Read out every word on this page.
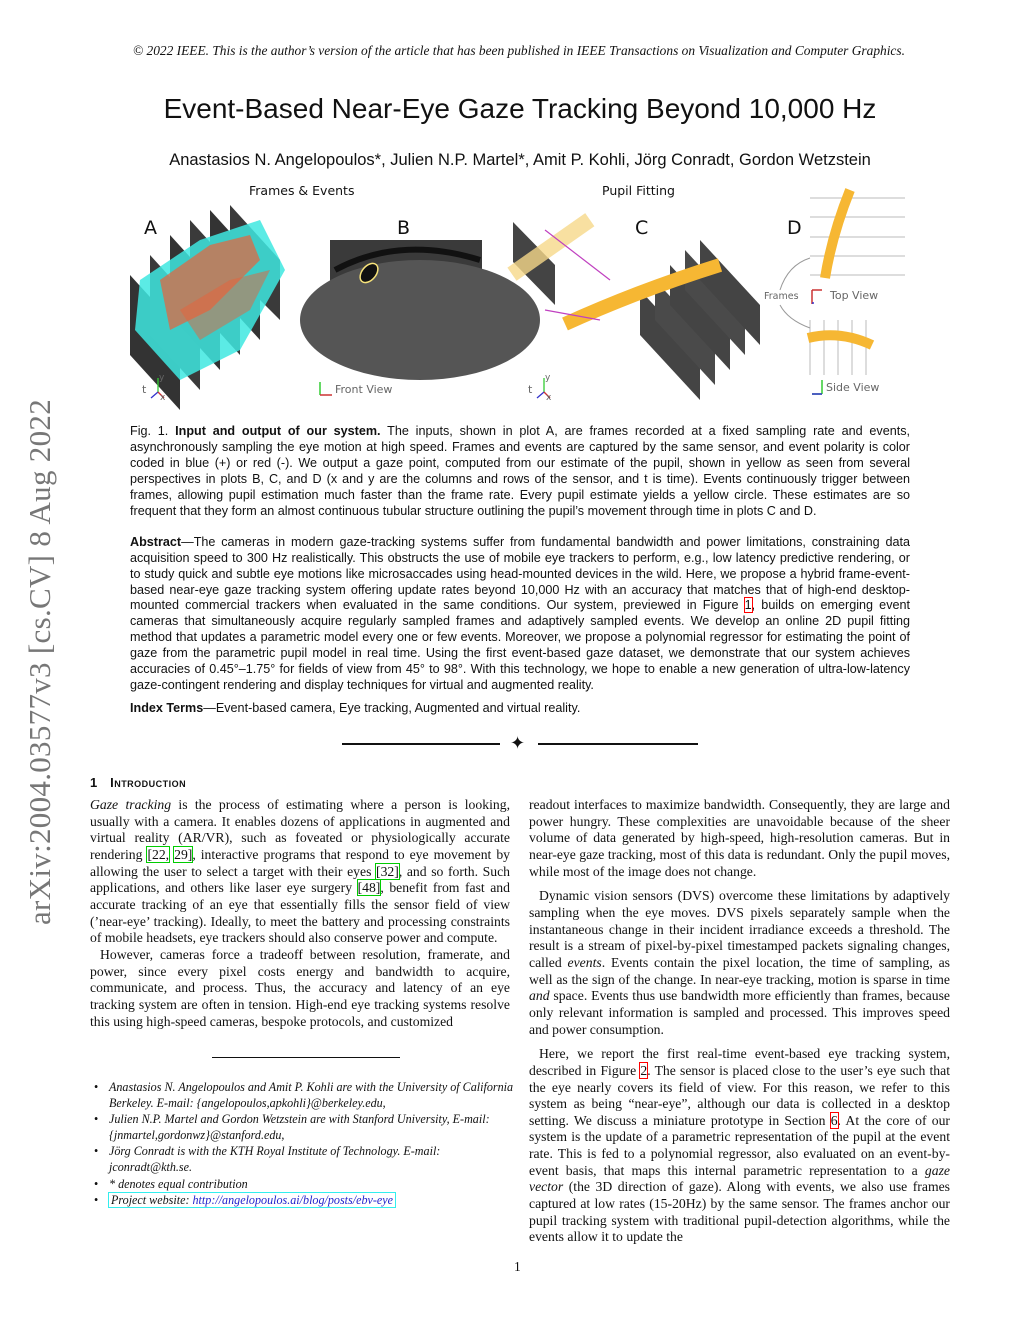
© 2022 IEEE. This is the author’s version of the article that has been published in IEEE Transactions on Visualization and Computer Graphics.
Event-Based Near-Eye Gaze Tracking Beyond 10,000 Hz
Anastasios N. Angelopoulos*, Julien N.P. Martel*, Amit P. Kohli, Jörg Conradt, Gordon Wetzstein
arXiv:2004.03577v3 [cs.CV] 8 Aug 2022
Frames & Events	Pupil Fitting
A	B	C	D
t
y
x
t
y
x
Front View
Frames	Top View
Side View
Fig. 1. Input and output of our system. The inputs, shown in plot A, are frames recorded at a fixed sampling rate and events, asynchronously sampling the eye motion at high speed. Frames and events are captured by the same sensor, and event polarity is color coded in blue (+) or red (-). We output a gaze point, computed from our estimate of the pupil, shown in yellow as seen from several perspectives in plots B, C, and D (x and y are the columns and rows of the sensor, and t is time). Events continuously trigger between frames, allowing pupil estimation much faster than the frame rate. Every pupil estimate yields a yellow circle. These estimates are so frequent that they form an almost continuous tubular structure outlining the pupil’s movement through time in plots C and D.
Abstract—The cameras in modern gaze-tracking systems suffer from fundamental bandwidth and power limitations, constraining data acquisition speed to 300 Hz realistically. This obstructs the use of mobile eye trackers to perform, e.g., low latency predictive rendering, or to study quick and subtle eye motions like microsaccades using head-mounted devices in the wild. Here, we propose a hybrid frame-event-based near-eye gaze tracking system offering update rates beyond 10,000 Hz with an accuracy that matches that of high-end desktop-mounted commercial trackers when evaluated in the same conditions. Our system, previewed in Figure 1, builds on emerging event cameras that simultaneously acquire regularly sampled frames and adaptively sampled events. We develop an online 2D pupil fitting method that updates a parametric model every one or few events. Moreover, we propose a polynomial regressor for estimating the point of gaze from the parametric pupil model in real time. Using the first event-based gaze dataset, we demonstrate that our system achieves accuracies of 0.45°–1.75° for fields of view from 45° to 98°. With this technology, we hope to enable a new generation of ultra-low-latency gaze-contingent rendering and display techniques for virtual and augmented reality.
Index Terms—Event-based camera, Eye tracking, Augmented and virtual reality.
✦
1 Introduction

Gaze tracking is the process of estimating where a person is looking, usually with a camera. It enables dozens of applications in augmented and virtual reality (AR/VR), such as foveated or physiologically accurate rendering [22, 29], interactive programs that respond to eye movement by allowing the user to select a target with their eyes [32], and so forth. Such applications, and others like laser eye surgery [48], benefit from fast and accurate tracking of an eye that essentially fills the sensor field of view (’near-eye’ tracking). Ideally, to meet the battery and processing constraints of mobile headsets, eye trackers should also conserve power and compute.

However, cameras force a tradeoff between resolution, framerate, and power, since every pixel costs energy and bandwidth to acquire, communicate, and process. Thus, the accuracy and latency of an eye tracking system are often in tension. High-end eye tracking systems resolve this using high-speed cameras, bespoke protocols, and customized

• Anastasios N. Angelopoulos and Amit P. Kohli are with the University of California Berkeley. E-mail: {angelopoulos,apkohli}@berkeley.edu,
• Julien N.P. Martel and Gordon Wetzstein are with Stanford University, E-mail: {jnmartel,gordonwz}@stanford.edu,
• Jörg Conradt is with the KTH Royal Institute of Technology. E-mail: jconradt@kth.se.
• * denotes equal contribution
• Project website: http://angelopoulos.ai/blog/posts/ebv-eye

readout interfaces to maximize bandwidth. Consequently, they are large and power hungry. These complexities are unavoidable because of the sheer volume of data generated by high-speed, high-resolution cameras. But in near-eye gaze tracking, most of this data is redundant. Only the pupil moves, while most of the image does not change.

Dynamic vision sensors (DVS) overcome these limitations by adaptively sampling when the eye moves. DVS pixels separately sample when the instantaneous change in their incident irradiance exceeds a threshold. The result is a stream of pixel-by-pixel timestamped packets signaling changes, called events. Events contain the pixel location, the time of sampling, as well as the sign of the change. In near-eye tracking, motion is sparse in time and space. Events thus use bandwidth more efficiently than frames, because only relevant information is sampled and processed. This improves speed and power consumption.

Here, we report the first real-time event-based eye tracking system, described in Figure 2. The sensor is placed close to the user’s eye such that the eye nearly covers its field of view. For this reason, we refer to this system as being “near-eye”, although our data is collected in a desktop setting. We discuss a miniature prototype in Section 6. At the core of our system is the update of a parametric representation of the pupil at the event rate. This is fed to a polynomial regressor, also evaluated on an event-by-event basis, that maps this internal parametric representation to a gaze vector (the 3D direction of gaze). Along with events, we also use frames captured at low rates (15-20Hz) by the same sensor. The frames anchor our pupil tracking system with traditional pupil-detection algorithms, while the events allow it to update the

1
